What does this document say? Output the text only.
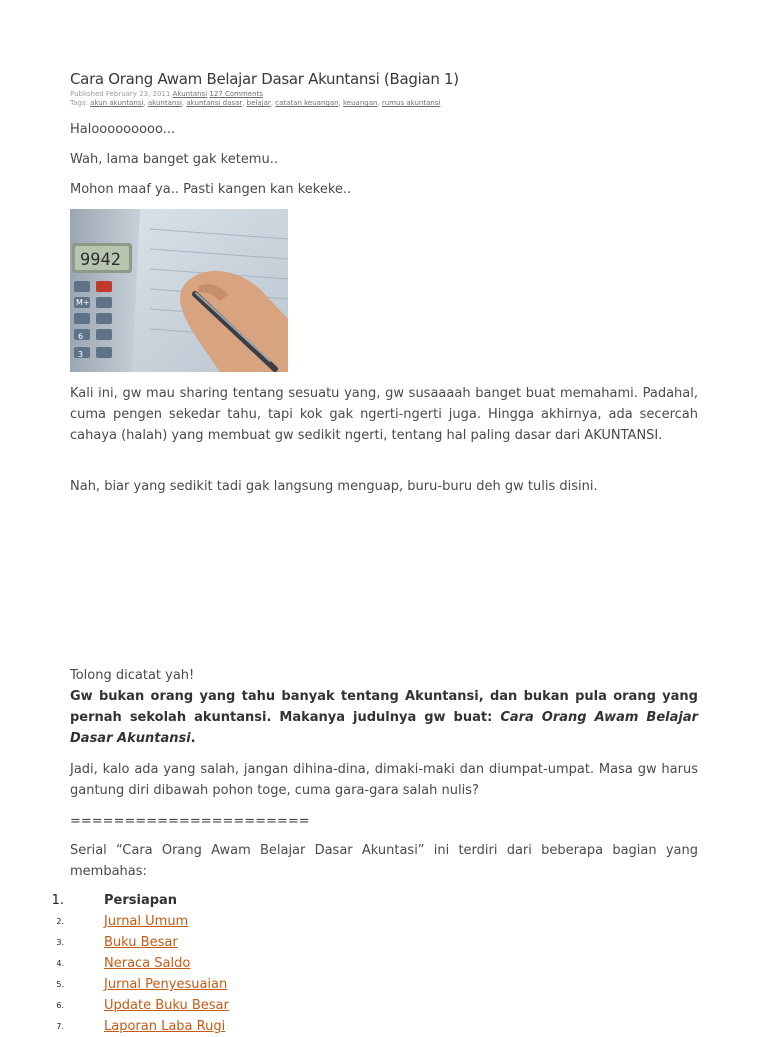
Cara Orang Awam Belajar Dasar Akuntansi (Bagian 1)
Published February 23, 2011 Akuntansi 127 Comments
Tags: akun akuntansi, akuntansi, akuntansi dasar, belajar, catatan keuangan, keuangan, rumus akuntansi

Halooooooooo...

Wah, lama banget gak ketemu..

Mohon maaf ya.. Pasti kangen kan kekeke..

9942
M+
6
3

Kali ini, gw mau sharing tentang sesuatu yang, gw susaaaah banget buat memahami. Padahal, cuma pengen sekedar tahu, tapi kok gak ngerti-ngerti juga. Hingga akhirnya, ada secercah cahaya (halah) yang membuat gw sedikit ngerti, tentang hal paling dasar dari AKUNTANSI.

Nah, biar yang sedikit tadi gak langsung menguap, buru-buru deh gw tulis disini.

Tolong dicatat yah!

Gw bukan orang yang tahu banyak tentang Akuntansi, dan bukan pula orang yang pernah sekolah akuntansi. Makanya judulnya gw buat: Cara Orang Awam Belajar Dasar Akuntansi.

Jadi, kalo ada yang salah, jangan dihina-dina, dimaki-maki dan diumpat-umpat. Masa gw harus gantung diri dibawah pohon toge, cuma gara-gara salah nulis?

======================

Serial “Cara Orang Awam Belajar Dasar Akuntasi” ini terdiri dari beberapa bagian yang membahas:

1.	Persiapan
2.	Jurnal Umum
3.	Buku Besar
4.	Neraca Saldo
5.	Jurnal Penyesuaian
6.	Update Buku Besar
7.	Laporan Laba Rugi
